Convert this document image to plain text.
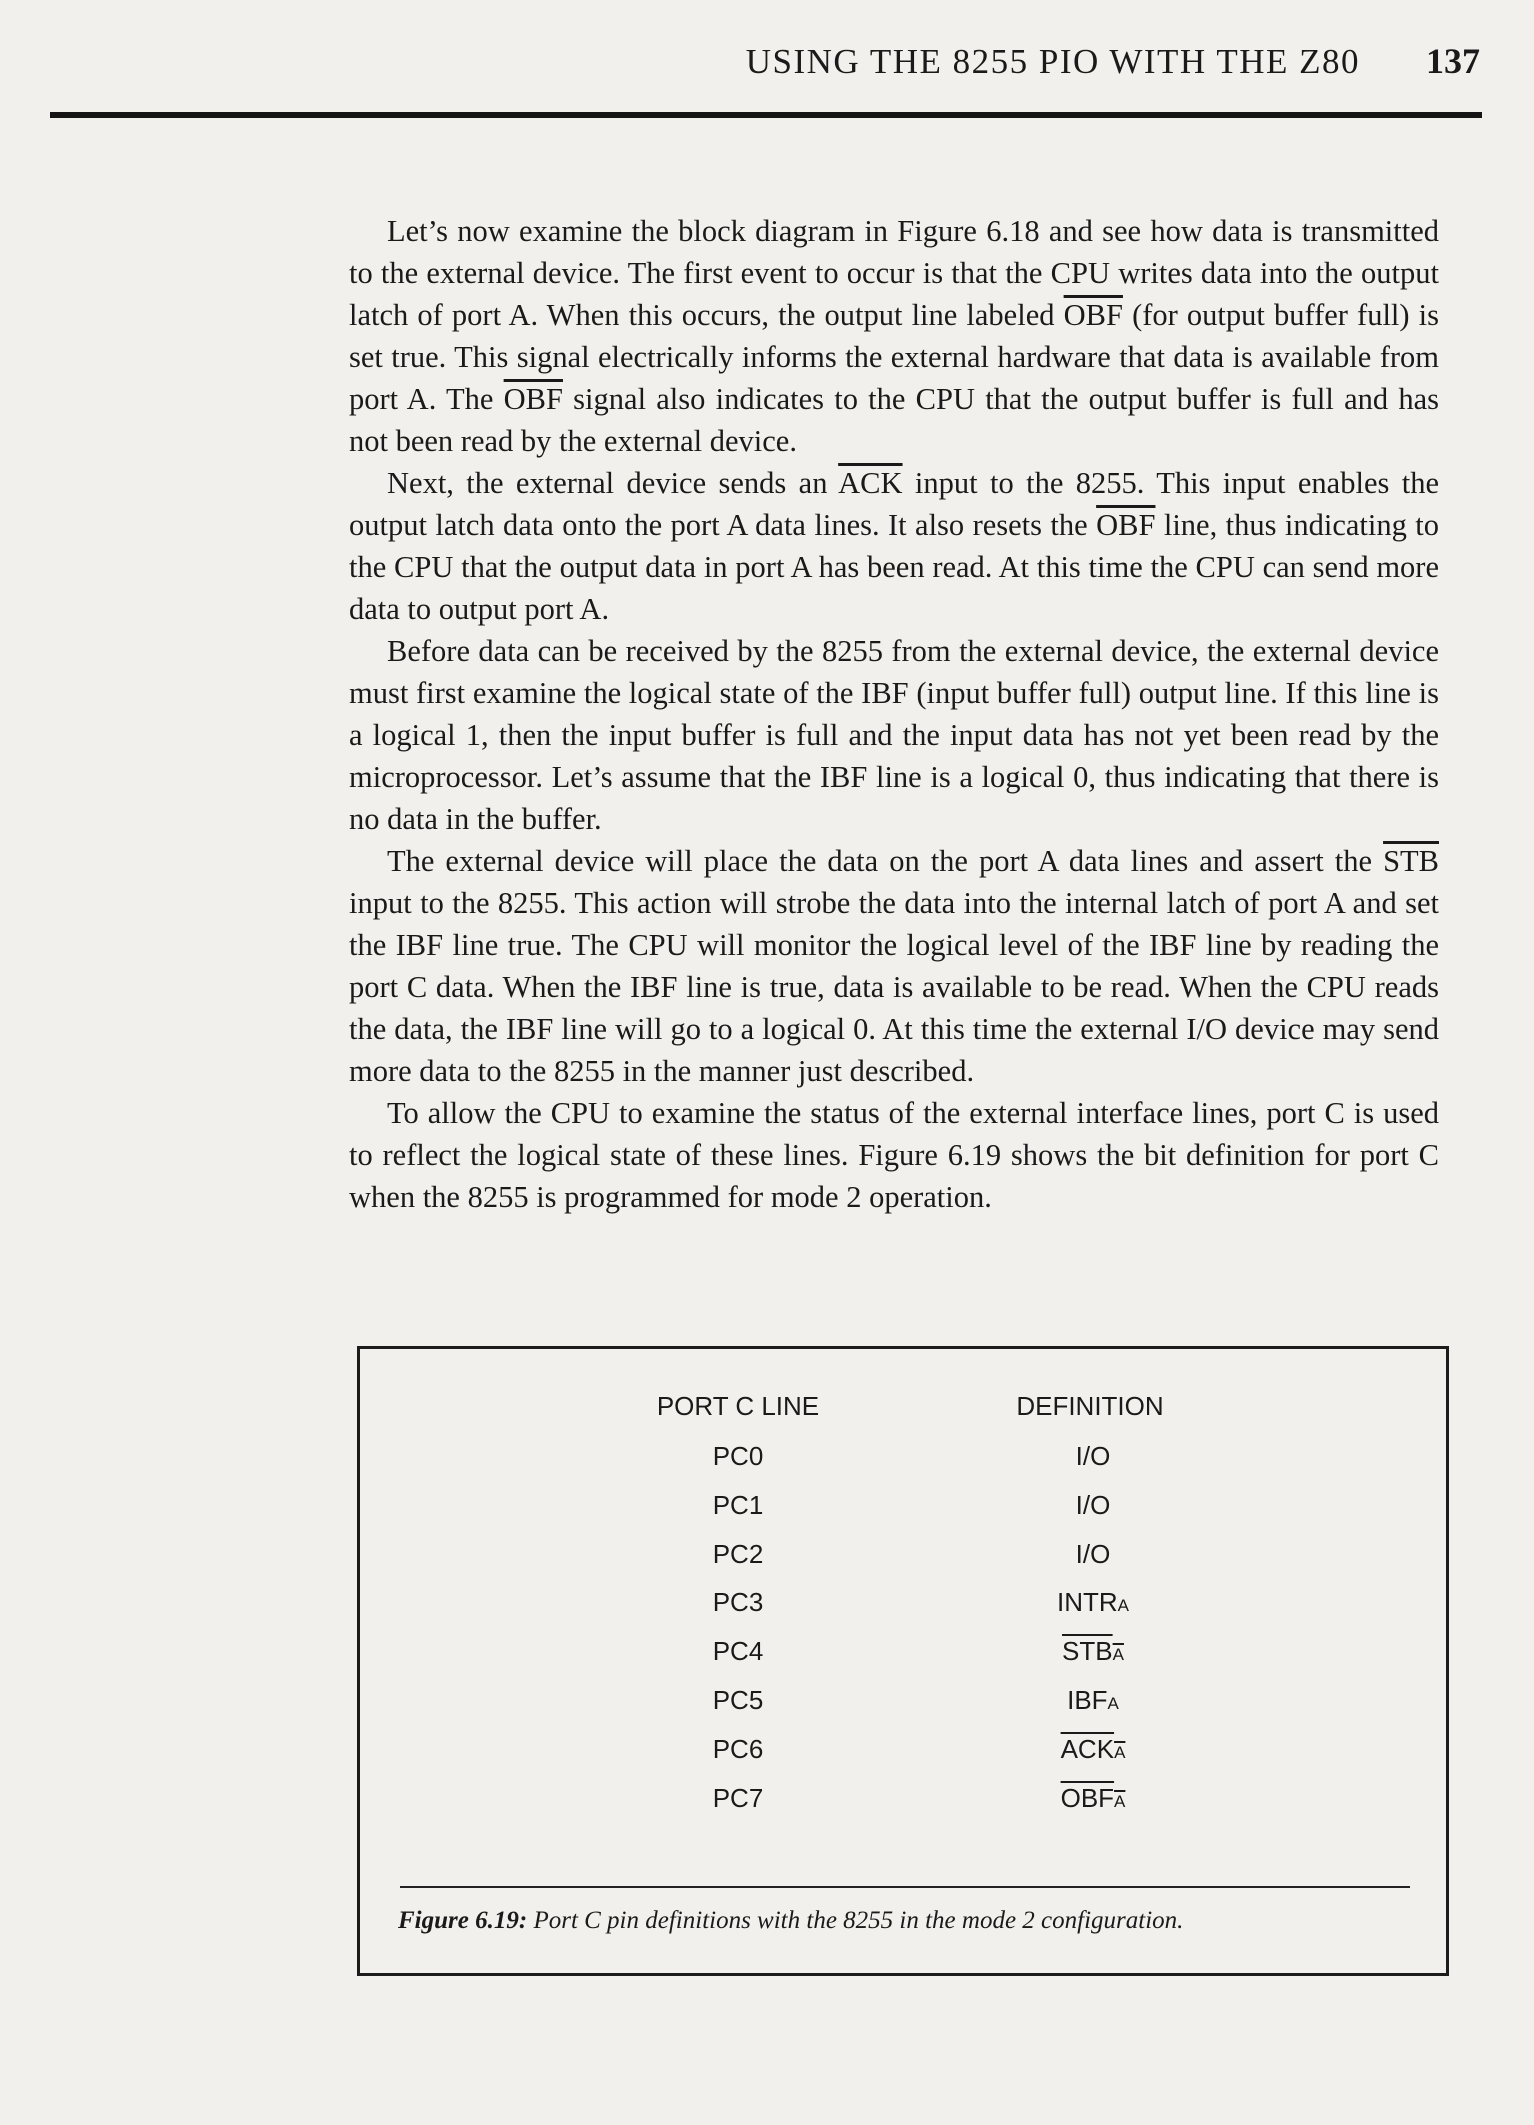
USING THE 8255 PIO WITH THE Z80 137

Let’s now examine the block diagram in Figure 6.18 and see how data is transmitted to the external device. The first event to occur is that the CPU writes data into the output latch of port A. When this occurs, the output line labeled $\overline{OBF}$ (for output buffer full) is set true. This signal electrically informs the external hardware that data is available from port A. The $\overline{OBF}$ signal also indicates to the CPU that the output buffer is full and has not been read by the external device.

Next, the external device sends an $\overline{ACK}$ input to the 8255. This input enables the output latch data onto the port A data lines. It also resets the $\overline{OBF}$ line, thus indicating to the CPU that the output data in port A has been read. At this time the CPU can send more data to output port A.

Before data can be received by the 8255 from the external device, the external device must first examine the logical state of the IBF (input buffer full) output line. If this line is a logical 1, then the input buffer is full and the input data has not yet been read by the microprocessor. Let’s assume that the IBF line is a logical 0, thus indicating that there is no data in the buffer.

The external device will place the data on the port A data lines and assert the $\overline{STB}$ input to the 8255. This action will strobe the data into the internal latch of port A and set the IBF line true. The CPU will monitor the logical level of the IBF line by reading the port C data. When the IBF line is true, data is available to be read. When the CPU reads the data, the IBF line will go to a logical 0. At this time the external I/O device may send more data to the 8255 in the manner just described.

To allow the CPU to examine the status of the external interface lines, port C is used to reflect the logical state of these lines. Figure 6.19 shows the bit definition for port C when the 8255 is programmed for mode 2 operation.

PORT C LINE	DEFINITION
PC0	I/O
PC1	I/O
PC2	I/O
PC3	INTRA
PC4	STBA
PC5	IBFA
PC6	ACKA
PC7	OBFA
Figure 6.19: Port C pin definitions with the 8255 in the mode 2 configuration.
